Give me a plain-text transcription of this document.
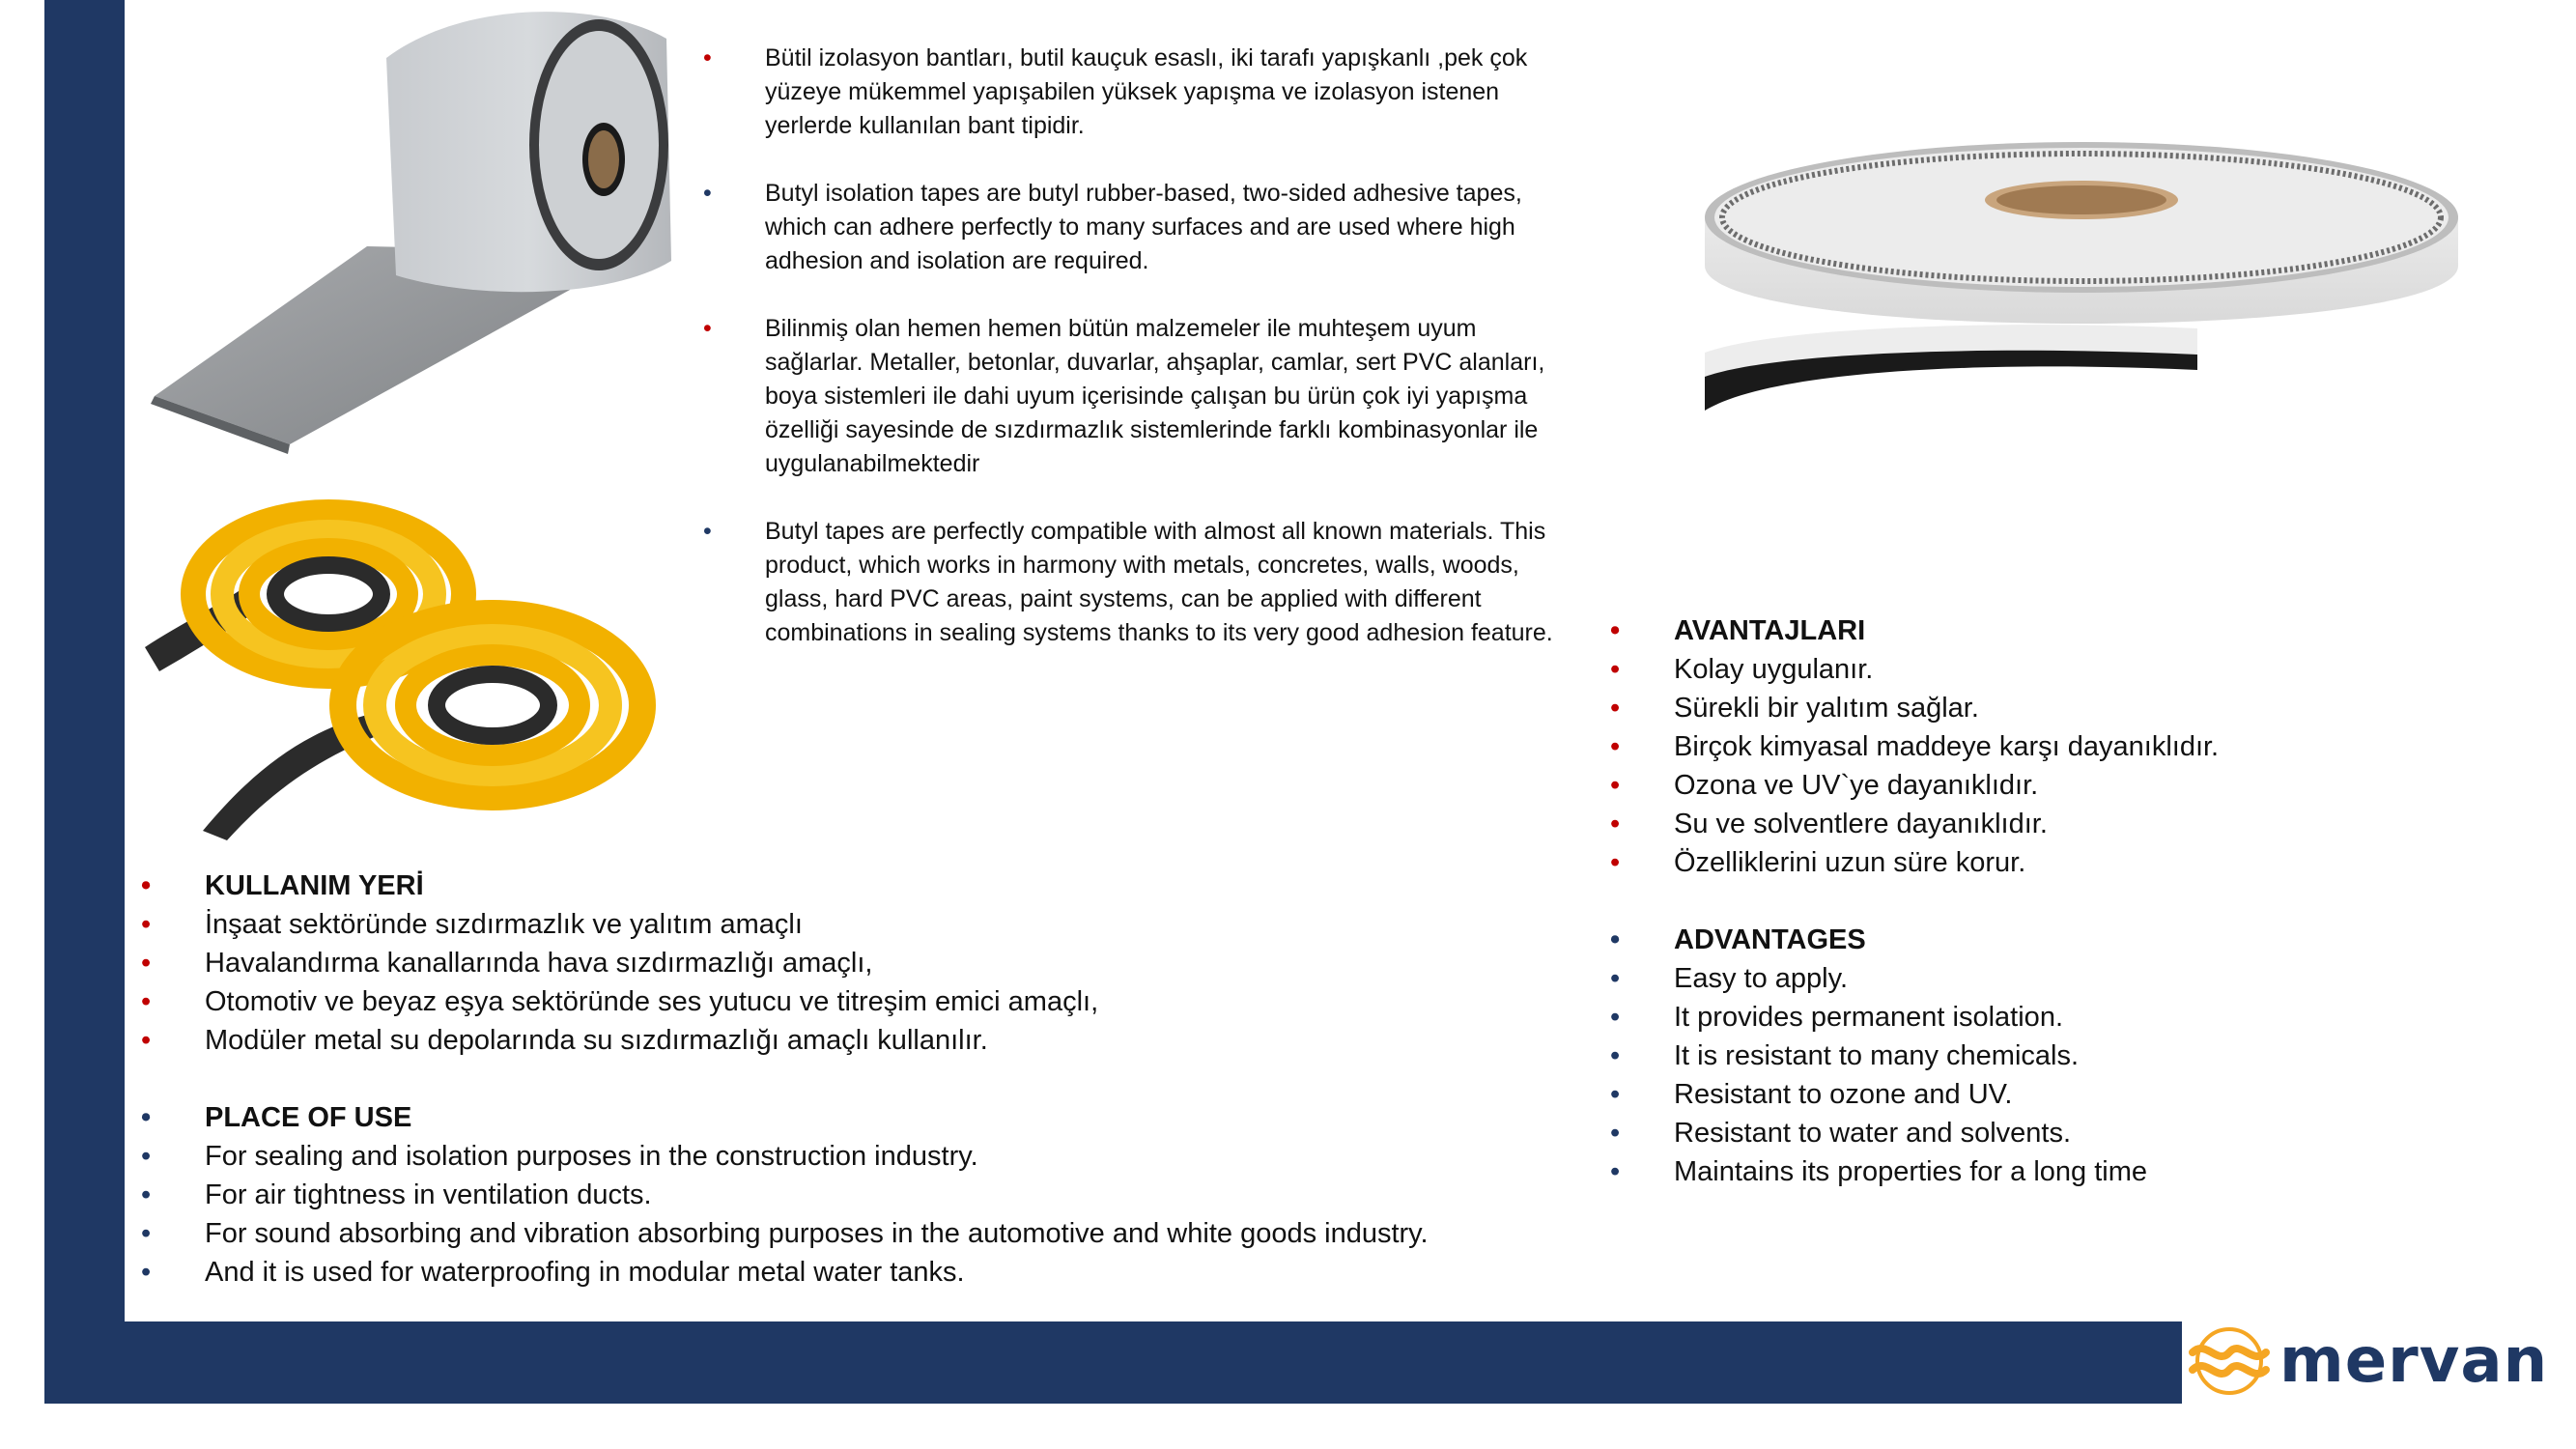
• Bütil izolasyon bantları, butil kauçuk esaslı, iki tarafı yapışkanlı ,pek çok yüzeye mükemmel yapışabilen yüksek yapışma ve izolasyon istenen yerlerde kullanılan bant tipidir.
• Butyl isolation tapes are butyl rubber-based, two-sided adhesive tapes, which can adhere perfectly to many surfaces and are used where high adhesion and isolation are required.
• Bilinmiş olan hemen hemen bütün malzemeler ile muhteşem uyum sağlarlar. Metaller, betonlar, duvarlar, ahşaplar, camlar, sert PVC alanları, boya sistemleri ile dahi uyum içerisinde çalışan bu ürün çok iyi yapışma özelliği sayesinde de sızdırmazlık sistemlerinde farklı kombinasyonlar ile uygulanabilmektedir
• Butyl tapes are perfectly compatible with almost all known materials. This product, which works in harmony with metals, concretes, walls, woods, glass, hard PVC areas, paint systems, can be applied with different combinations in sealing systems thanks to its very good adhesion feature.
• KULLANIM YERİ
• İnşaat sektöründe sızdırmazlık ve yalıtım amaçlı
• Havalandırma kanallarında hava sızdırmazlığı amaçlı,
• Otomotiv ve beyaz eşya sektöründe ses yutucu ve titreşim emici amaçlı,
• Modüler metal su depolarında su sızdırmazlığı amaçlı kullanılır.
• PLACE OF USE
• For sealing and isolation purposes in the construction industry.
• For air tightness in ventilation ducts.
• For sound absorbing and vibration absorbing purposes in the automotive and white goods industry.
• And it is used for waterproofing in modular metal water tanks.
• AVANTAJLARI
• Kolay uygulanır.
• Sürekli bir yalıtım sağlar.
• Birçok kimyasal maddeye karşı dayanıklıdır.
• Ozona ve UV`ye dayanıklıdır.
• Su ve solventlere dayanıklıdır.
• Özelliklerini uzun süre korur.
• ADVANTAGES
• Easy to apply.
• It provides permanent isolation.
• It is resistant to many chemicals.
• Resistant to ozone and UV.
• Resistant to water and solvents.
• Maintains its properties for a long time
mervan
